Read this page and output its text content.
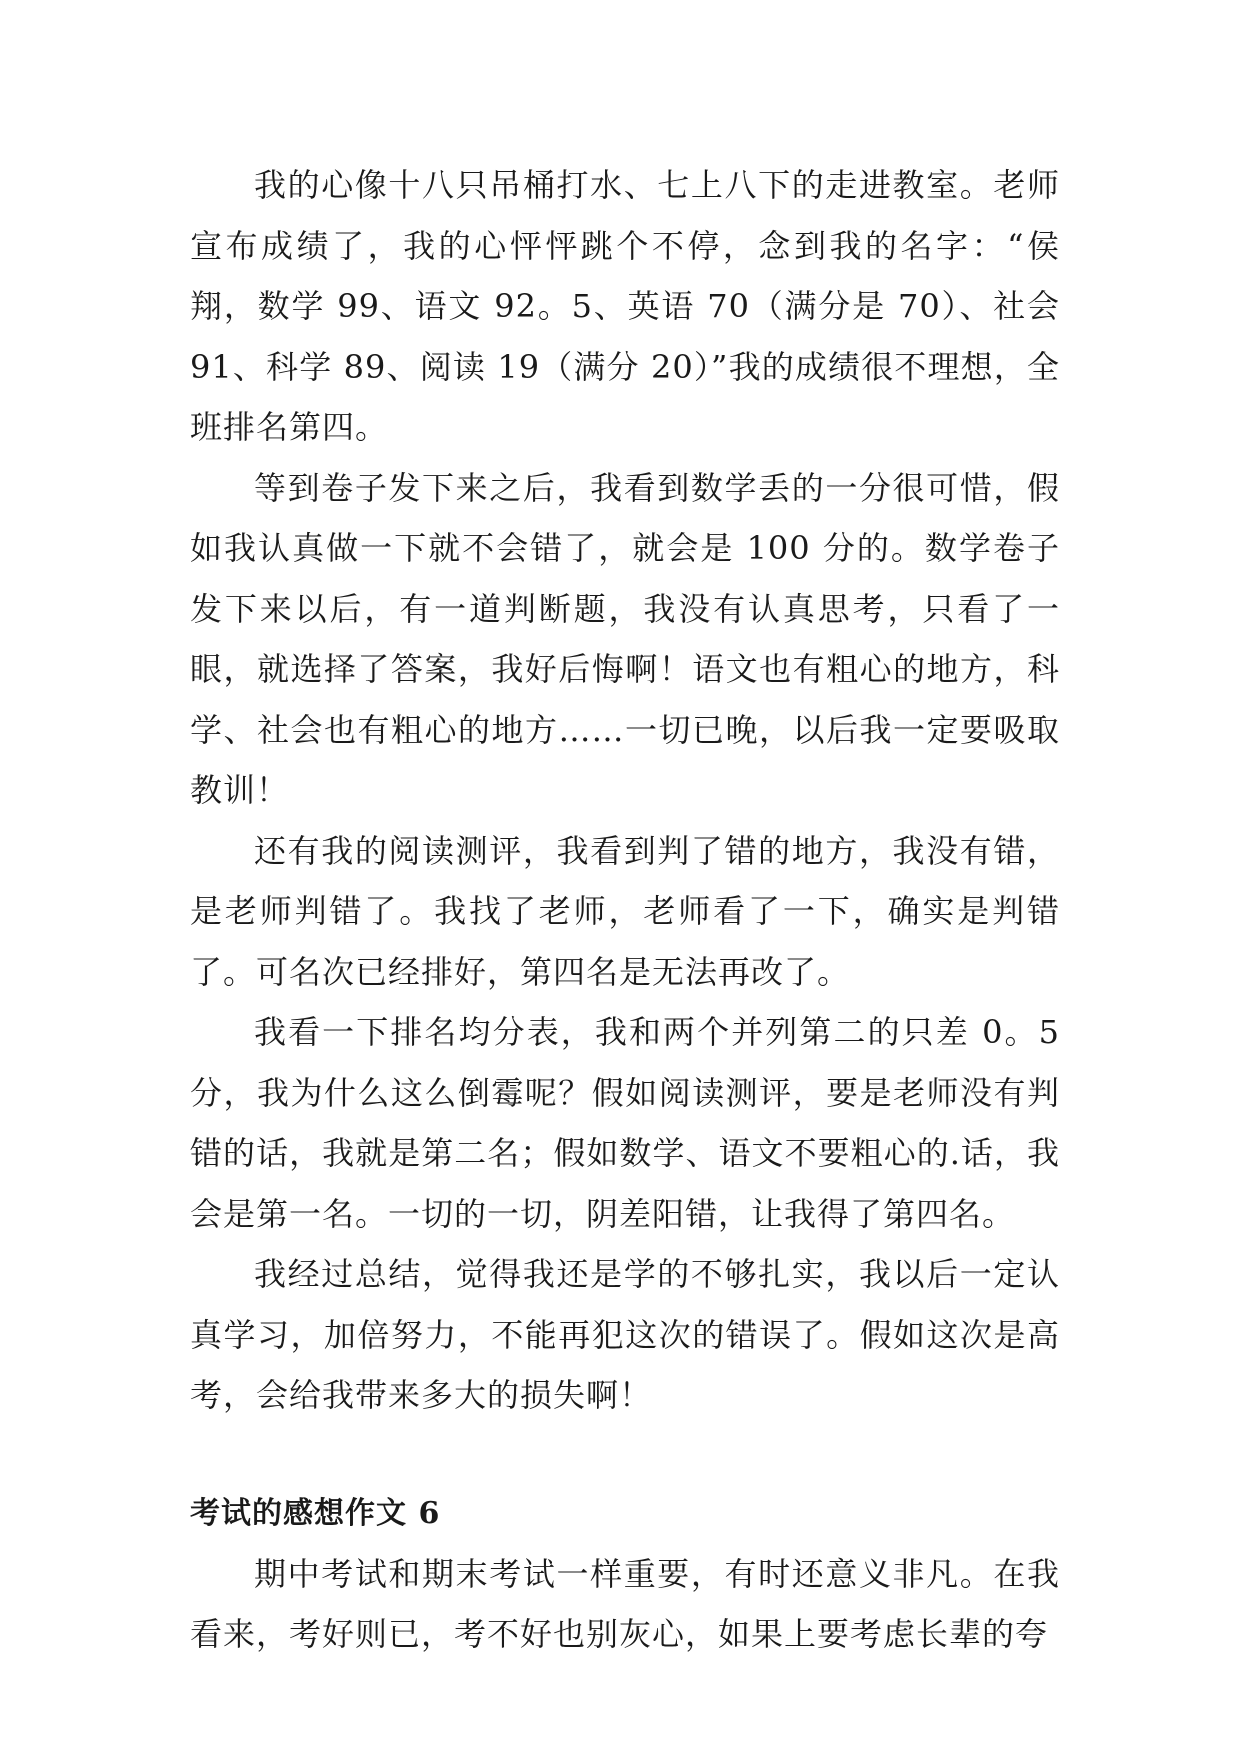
我的心像十八只吊桶打水、七上八下的走进教室。老师宣布成绩了，我的心怦怦跳个不停，念到我的名字：“侯翔，数学 99、语文 92。5、英语 70（满分是 70）、社会 91、科学 89、阅读 19（满分 20）”我的成绩很不理想，全班排名第四。

等到卷子发下来之后，我看到数学丢的一分很可惜，假如我认真做一下就不会错了，就会是 100 分的。数学卷子发下来以后，有一道判断题，我没有认真思考，只看了一眼，就选择了答案，我好后悔啊！语文也有粗心的地方，科学、社会也有粗心的地方……一切已晚，以后我一定要吸取教训！

还有我的阅读测评，我看到判了错的地方，我没有错，是老师判错了。我找了老师，老师看了一下，确实是判错了。可名次已经排好，第四名是无法再改了。

我看一下排名均分表，我和两个并列第二的只差 0。5 分，我为什么这么倒霉呢？假如阅读测评，要是老师没有判错的话，我就是第二名；假如数学、语文不要粗心的.话，我会是第一名。一切的一切，阴差阳错，让我得了第四名。

我经过总结，觉得我还是学的不够扎实，我以后一定认真学习，加倍努力，不能再犯这次的错误了。假如这次是高考，会给我带来多大的损失啊！

考试的感想作文 6

期中考试和期末考试一样重要，有时还意义非凡。在我看来，考好则已，考不好也别灰心，如果上要考虑长辈的夸
